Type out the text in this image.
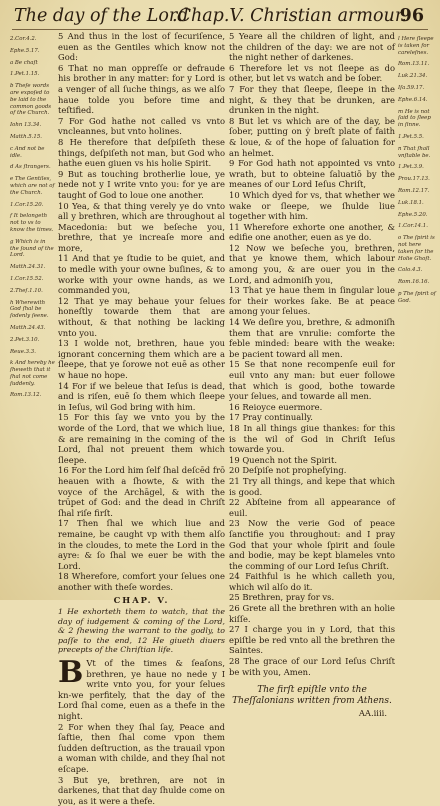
The day of the Lord
.Chap.V. Christian armour.
96
2.Cor.4.2.
Ephe.5.17.
a Be chaſt
1.Pet.1.15.
b Theſe words are expoſed to be laid to the common goods of the Church.
Iohn 13.34.
Matth.5.15.
c And not be idle.
d As ſtrangers.
e The Gentiles, which are not of the Church.
1.Cor.15.20.
f It belongeth not to vs to know the times.
g Which is in the ſound of the Lord.
Matth.24.31.
1.Cor.15.52.
2.Theſ.1.10.
h Wherewith God ſhal be ſodenly ſeene.
Matth.24.43.
2.Pet.3.10.
Reue.3.3.
k And hereby he ſheweth that it ſhal not come ſuddenly.
Rom.13.12.
5 And thus in the lost of ſecuriſence, euen as the Gentiles which know not God:
6 That no man oppreſſe or defraude his brother in any matter: for y Lord is a venger of all ſuche things, as we alſo haue tolde you before time and teſtified.
7 For God hathe not called vs vnto vncleannes, but vnto holines.
8 He therefore that deſpiſeth these things, deſpiſeth not man, but God who hathe euen giuen vs his holie Spirit.
9 But as touching brotherlie loue, ye nede not y I write vnto you: for ye are taught of God to loue one another.
10 Yea, & that thing verely ye do vnto all y brethren, which are throughout al Macedonia: but we beſeche you, brethre, that ye increaſe more and more,
11 And that ye ſtudie to be quiet, and to medle with your owne buſines, & to worke with your owne hands, as we commanded you,
12 That ye may behaue your ſelues honeſtly towarde them that are without, & that nothing be lacking vnto you.
13 I wolde not, brethren, haue you ignorant concerning them which are a ſleepe, that ye ſorowe not euē as other w haue no hope.
14 For if we beleue that Ieſus is dead, and is riſen, euē ſo them which ſleepe in Ieſus, wil God bring with him.
15 For this ſay we vnto you by the worde of the Lord, that we which liue, & are remaining in the coming of the Lord, ſhal not preuent them which ſleepe.
16 For the Lord him ſelf ſhal deſcēd frō heauen with a ſhowte, & with the voyce of the Archāgel, & with the trūpet of God: and the dead in Chriſt ſhal riſe firſt.
17 Then ſhal we which liue and remaine, be caught vp with them alſo in the cloudes, to mete the Lord in the ayre: & ſo ſhal we euer be with the Lord.
18 Wherefore, comfort your ſelues one another with theſe wordes.
CHAP. V.
1 He exhorteth them to watch, that the day of iudgement & coming of the Lord, & 2 ſhewing the warrant to the godly, to paſſe to the end, 12 He giueth diuers precepts of the Chriſtian life.
B Vt of the times & ſeaſons, brethren, ye haue no nede y I write vnto you, for your ſelues kn-we perfitely, that the day of the Lord ſhal come, euen as a thefe in the night.
2 For when they ſhal ſay, Peace and ſaftie, then ſhal come vpon them ſudden deſtruction, as the trauail vpon a woman with childe, and they ſhal not eſcape.
3 But ye, brethren, are not in darkenes, that that day ſhulde come on you, as it were a thefe.
5 Yeare all the children of light, and the children of the day: we are not of the night nether of darkenes.
6 Therefore let vs not ſleepe as do other, but let vs watch and be ſober.
7 For they that ſleepe, ſleepe in the night, & they that be drunken, are drunken in the night.
8 But let vs which are of the day, be ſober, putting on ẏ breſt plate of faith & loue, & of the hope of ſaluation for an helmet.
9 For God hath not appointed vs vnto wrath, but to obteine ſaluatiō by the meanes of our Lord Ieſus Chriſt,
10 Which dyed for vs, that whether we wake or ſleepe, we ſhulde liue together with him.
11 Wherefore exhorte one another, & edifie one another, euen as ye do.
12 Now we beſeche you, brethren, that ye knowe them, which labour among you, & are ouer you in the Lord, and admoniſh you,
13 That ye haue them in ſingular loue for their workes ſake. Be at peace among your ſelues.
14 We deſire you, brethre, & admoniſh them that are vnrulie: comforte the feble minded: beare with the weake: be pacient toward all men.
15 Se that none recompenſe euil for euil vnto any man: but euer followe that which is good, bothe towarde your ſelues, and towarde all men.
16 Reioyce euermore.
17 Pray continually.
18 In all things giue thankes: for this is the wil of God in Chriſt Ieſus towarde you.
19 Quench not the Spirit.
20 Deſpiſe not propheſying.
21 Try all things, and kepe that which is good.
22 Abſteine from all appearance of euil.
23 Now the verie God of peace ſanctifie you throughout: and I pray God that your whole ſpirit and ſoule and bodie, may be kept blameles vnto the comming of our Lord Ieſus Chriſt.
24 Faithful is he which calleth you, which wil alſo do it.
25 Brethren, pray for vs.
26 Grete all the brethren with an holie kiſſe.
27 I charge you in y Lord, that this epiſtle be red vnto all the brethren the Saintes.
28 The grace of our Lord Ieſus Chriſt be with you, Amen.
The firſt epiſtle vnto the Theſſalonians written from Athens.
AA.iiii.
l Here ſleepe is taken for careleſnes.
Rom.13.11.
Luk.21.34.
Iſa.59.17.
Ephe.6.14.
m He is not ſaid to ſleep in ſinne.
1.Pet.5.5.
n That ſhall vnſtable be.
1.Pet.3.9.
Prou.17.13.
Rom.12.17.
Luk.18.1.
Ephe.5.20.
1.Cor.14.1.
o The ſpirit is not here taken for the Holie Ghoſt.
Colo.4.3.
Rom.16.16.
p The ſpirit of God.
